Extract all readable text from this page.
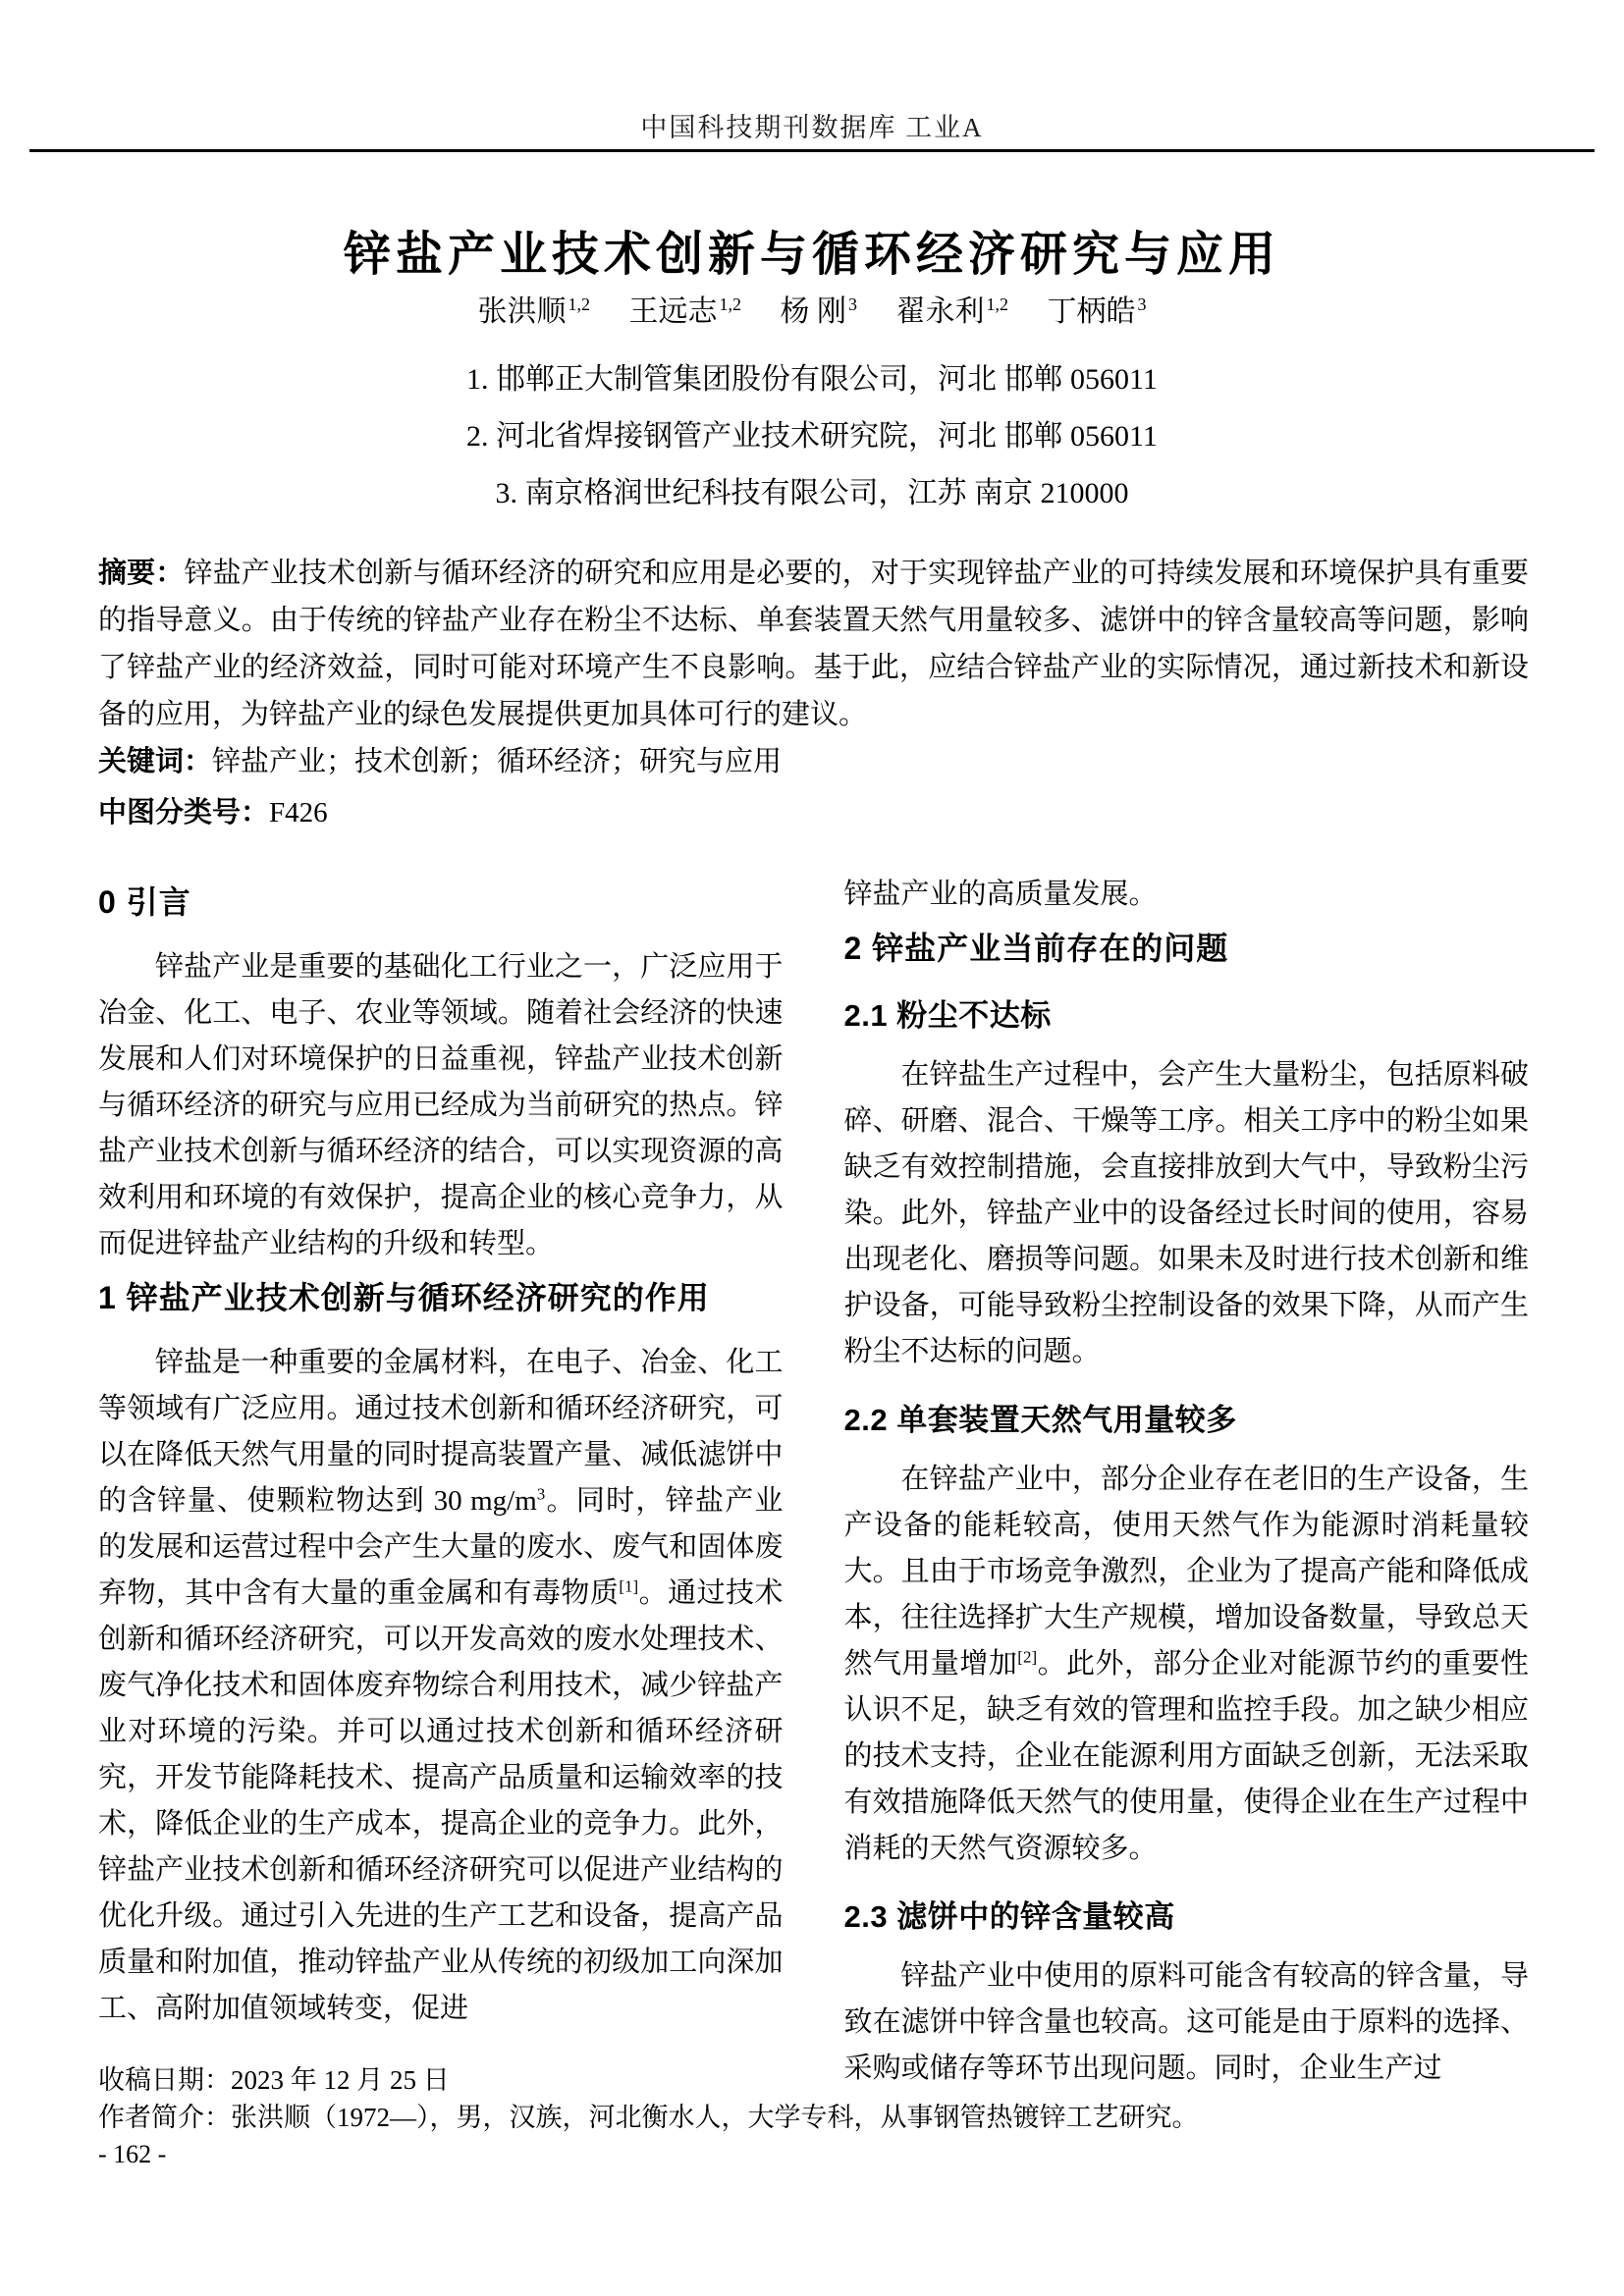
中国科技期刊数据库 工业A
锌盐产业技术创新与循环经济研究与应用
张洪顺 $^{1,2}$ 王远志 $^{1,2}$ 杨 刚 $^3$ 翟永利 $^{1,2}$ 丁柄皓 $^3$
1. 邯郸正大制管集团股份有限公司，河北 邯郸 056011
2. 河北省焊接钢管产业技术研究院，河北 邯郸 056011
3. 南京格润世纪科技有限公司，江苏 南京 210000

摘要：锌盐产业技术创新与循环经济的研究和应用是必要的，对于实现锌盐产业的可持续发展和环境保护具有重要的指导意义。由于传统的锌盐产业存在粉尘不达标、单套装置天然气用量较多、滤饼中的锌含量较高等问题，影响了锌盐产业的经济效益，同时可能对环境产生不良影响。基于此，应结合锌盐产业的实际情况，通过新技术和新设备的应用，为锌盐产业的绿色发展提供更加具体可行的建议。

关键词：锌盐产业；技术创新；循环经济；研究与应用

中图分类号：F426

0 引言

锌盐产业是重要的基础化工行业之一，广泛应用于冶金、化工、电子、农业等领域。随着社会经济的快速发展和人们对环境保护的日益重视，锌盐产业技术创新与循环经济的研究与应用已经成为当前研究的热点。锌盐产业技术创新与循环经济的结合，可以实现资源的高效利用和环境的有效保护，提高企业的核心竞争力，从而促进锌盐产业结构的升级和转型。

1 锌盐产业技术创新与循环经济研究的作用

锌盐是一种重要的金属材料，在电子、冶金、化工等领域有广泛应用。通过技术创新和循环经济研究，可以在降低天然气用量的同时提高装置产量、减低滤饼中的含锌量、使颗粒物达到 30 $mg/m^3$。同时，锌盐产业的发展和运营过程中会产生大量的废水、废气和固体废弃物，其中含有大量的重金属和有毒物质[1]。通过技术创新和循环经济研究，可以开发高效的废水处理技术、废气净化技术和固体废弃物综合利用技术，减少锌盐产业对环境的污染。并可以通过技术创新和循环经济研究，开发节能降耗技术、提高产品质量和运输效率的技术，降低企业的生产成本，提高企业的竞争力。此外，锌盐产业技术创新和循环经济研究可以促进产业结构的优化升级。通过引入先进的生产工艺和设备，提高产品质量和附加值，推动锌盐产业从传统的初级加工向深加工、高附加值领域转变，促进

锌盐产业的高质量发展。

2 锌盐产业当前存在的问题
2.1 粉尘不达标

在锌盐生产过程中，会产生大量粉尘，包括原料破碎、研磨、混合、干燥等工序。相关工序中的粉尘如果缺乏有效控制措施，会直接排放到大气中，导致粉尘污染。此外，锌盐产业中的设备经过长时间的使用，容易出现老化、磨损等问题。如果未及时进行技术创新和维护设备，可能导致粉尘控制设备的效果下降，从而产生粉尘不达标的问题。

2.2 单套装置天然气用量较多

在锌盐产业中，部分企业存在老旧的生产设备，生产设备的能耗较高，使用天然气作为能源时消耗量较大。且由于市场竞争激烈，企业为了提高产能和降低成本，往往选择扩大生产规模，增加设备数量，导致总天然气用量增加[2]。此外，部分企业对能源节约的重要性认识不足，缺乏有效的管理和监控手段。加之缺少相应的技术支持，企业在能源利用方面缺乏创新，无法采取有效措施降低天然气的使用量，使得企业在生产过程中消耗的天然气资源较多。

2.3 滤饼中的锌含量较高

锌盐产业中使用的原料可能含有较高的锌含量，导致在滤饼中锌含量也较高。这可能是由于原料的选择、采购或储存等环节出现问题。同时，企业生产过

收稿日期：2023 年 12 月 25 日

作者简介：张洪顺（1972—），男，汉族，河北衡水人，大学专科，从事钢管热镀锌工艺研究。

- 162 -
